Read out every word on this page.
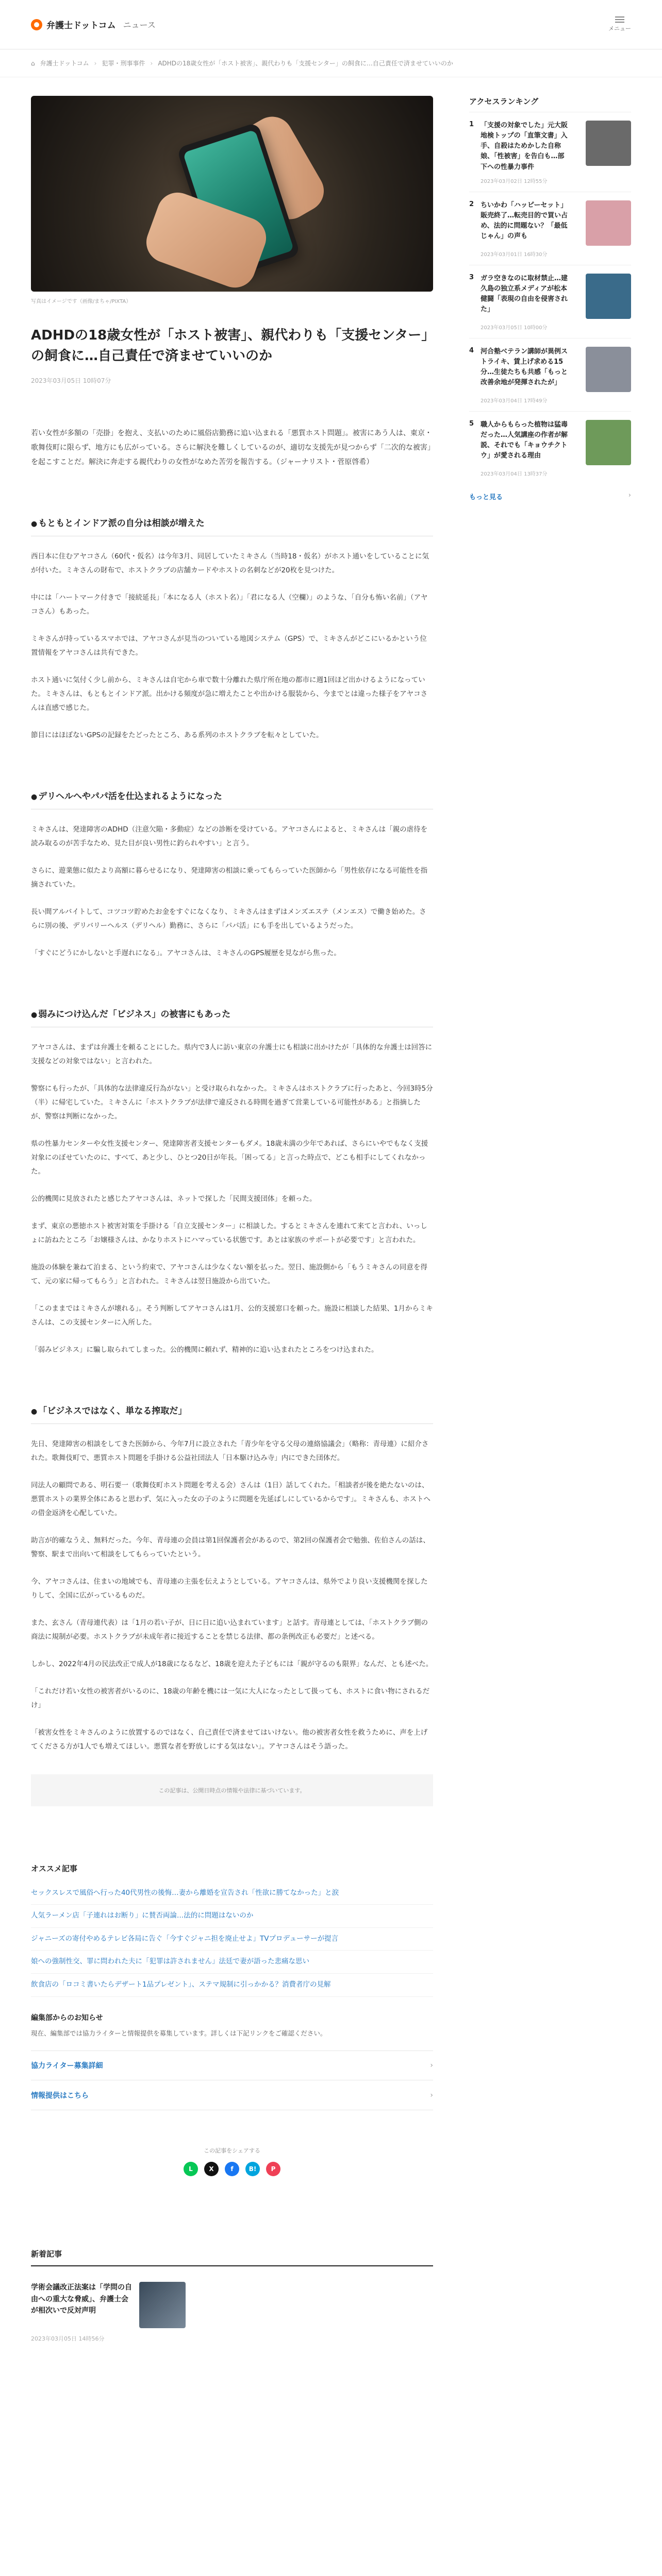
弁護士ドットコム ニュース	メニュー
⌂ 弁護士ドットコム › 犯罪・刑事事件 › ADHDの18歳女性が「ホスト被害」、親代わりも「支援センター」の飼食に…自己責任で済ませていいのか
写真はイメージです（画像/まちゃ/PIXTA）
ADHDの18歳女性が「ホスト被害」、親代わりも「支援センター」の飼食に…自己責任で済ませていいのか
2023年03月05日 10時07分

若い女性が多額の「売掛」を抱え、支払いのために風俗店勤務に追い込まれる「悪質ホスト問題」。被害にあう人は、東京・歌舞伎町に限らず、地方にも広がっている。さらに解決を難しくしているのが、適切な支援先が見つからず「二次的な被害」を起こすことだ。解決に奔走する親代わりの女性がなめた苦労を報告する。（ジャーナリスト・菅原啓希）

● もともとインドア派の自分は相談が増えた

西日本に住むアヤコさん（60代・仮名）は今年3月、同居していたミキさん（当時18・仮名）がホスト通いをしていることに気が付いた。ミキさんの財布で、ホストクラブの店舗カードやホストの名刺などが20枚を見つけた。

中には「ハートマーク付きで「接続延長」「本になる人（ホスト名）」「君になる人（空欄）」のような、「自分も怖い名前」（アヤコさん）もあった。

ミキさんが持っているスマホでは、アヤコさんが見当のついている地図システム（GPS）で、ミキさんがどこにいるかという位置情報をアヤコさんは共有できた。

ホスト通いに気付く少し前から、ミキさんは自宅から車で数十分離れた県庁所在地の都市に週1回ほど出かけるようになっていた。ミキさんは、もともとインドア派。出かける頻度が急に増えたことや出かける服装から、今までとは違った様子をアヤコさんは直感で感じた。

節目にはほぼないGPSの記録をたどったところ、ある系列のホストクラブを転々としていた。

● デリヘルへやパパ活を仕込まれるようになった

ミキさんは、発達障害のADHD（注意欠陥・多動症）などの診断を受けている。アヤコさんによると、ミキさんは「親の虐待を読み取るのが苦手なため、見た目が良い男性に釣られやすい」と言う。

さらに、遊業態に似たより高額に暮らせるになり、発達障害の相談に乗ってもらっていた医師から「男性依存になる可能性を指摘されていた。

長い間アルバイトして、コツコツ貯めたお金をすぐになくなり、ミキさんはまずはメンズエステ（メンエス）で働き始めた。さらに別の後、デリバリーヘルス（デリヘル）勤務に、さらに「パパ活」にも手を出しているようだった。

「すぐにどうにかしないと手遅れになる」。アヤコさんは、ミキさんのGPS履歴を見ながら焦った。

● 弱みにつけ込んだ「ビジネス」の被害にもあった

アヤコさんは、まずは弁護士を頼ることにした。県内で3人に訪い東京の弁護士にも相談に出かけたが「具体的な弁護士は回答に支援などの対象ではない」と言われた。

警察にも行ったが、「具体的な法律違反行為がない」と受け取られなかった。ミキさんはホストクラブに行ったあと、今回3時5分（半）に帰宅していた。ミキさんに「ホストクラブが法律で違反される時間を過ぎて営業している可能性がある」と指摘したが、警察は判断になかった。

県の性暴力センターや女性支援センター、発達障害者支援センターもダメ。18歳未満の少年であれば、さらにいやでもなく支援対象にのぼせていたのに、すべて、あと少し、ひとつ20日が年長。「困ってる」と言った時点で、どこも相手にしてくれなかった。

公的機関に見放されたと感じたアヤコさんは、ネットで探した「民間支援団体」を頼った。

まず、東京の悪徳ホスト被害対策を手掛ける「自立支援センター」に相談した。するとミキさんを連れて来てと言われ、いっしょに訪ねたところ「お嬢様さんは、かなりホストにハマっている状態です。あとは家族のサポートが必要です」と言われた。

施設の体験を兼ねて泊まる、という約束で、アヤコさんは少なくない額を払った。翌日、施設側から「もうミキさんの同意を得て、元の家に帰ってもらう」と言われた。ミキさんは翌日施設から出ていた。

「このままではミキさんが壊れる」。そう判断してアヤコさんは1月、公的支援窓口を頼った。施設に相談した結果、1月からミキさんは、この支援センターに入所した。

「弱みビジネス」に騙し取られてしまった。公的機関に頼れず、精神的に追い込まれたところをつけ込まれた。

● 「ビジネスではなく、単なる搾取だ」

先日、発達障害の相談をしてきた医師から、今年7月に設立された「青少年を守る父母の連絡協議会」（略称：青母連）に紹介された。歌舞伎町で、悪質ホスト問題を手掛ける公益社団法人「日本駆け込み寺」内にできた団体だ。

同法人の顧問である、明石要一（歌舞伎町ホスト問題を考える会）さんは（1日）話してくれた。「相談者が後を絶たないのは、悪質ホストの業界全体にあると思わず、気に入った女の子のように問題を先延ばしにしているからです」。ミキさんも、ホストへの借金返済を心配していた。

助言が的確なうえ、無料だった。今年、青母連の会員は第1回保護者会があるので、第2回の保護者会で勉強、佐伯さんの話は、警察、駅まで出向いて相談をしてもらっていたという。

今、アヤコさんは、住まいの地域でも、青母連の主張を伝えようとしている。アヤコさんは、県外でより良い支援機関を探したりして、全国に広がっているものだ。

また、玄さん（青母連代表）は「1月の若い子が、日に日に追い込まれています」と話す。青母連としては、「ホストクラブ側の商法に規制が必要。ホストクラブが未成年者に接近することを禁じる法律、都の条例改正も必要だ」と述べる。

しかし、2022年4月の民法改正で成人が18歳になるなど、18歳を迎えた子どもには「親が守るのも限界」なんだ、とも述べた。

「これだけ若い女性の被害者がいるのに、18歳の年齢を機には一気に大人になったとして扱っても、ホストに食い物にされるだけ」

「被害女性をミキさんのように放置するのではなく、自己責任で済ませてはいけない。他の被害者女性を救うために、声を上げてくださる方が1人でも増えてほしい。悪質な者を野放しにする気はない」。アヤコさんはそう語った。

この記事は、公開日時点の情報や法律に基づいています。
オススメ記事
セックスレスで風俗へ行った40代男性の後悔…妻から離婚を宣告され「性欲に勝てなかった」と涙
人気ラーメン店「子連れはお断り」に賛否両論…法的に問題はないのか
ジャニーズの寄付やめるテレビ各局に告ぐ「今すぐジャニ担を廃止せよ」TVプロデューサーが提言
娘への強制性交、罪に問われた夫に「犯罪は許されません」法廷で妻が語った悲痛な思い
飲食店の「ロコミ書いたらデザート1品プレゼント」、ステマ規制に引っかかる？消費者庁の見解
編集部からのお知らせ

現在、編集部では協力ライターと情報提供を募集しています。詳しくは下記リンクをご確認ください。

協力ライター募集詳細	›
情報提供はこちら	›
この記事をシェアする
L	X	f	B!	P
新着記事
学術会議改正法案は「学問の自由への重大な脅威」、弁護士会が相次いで反対声明
2023年03月05日 14時56分
アクセスランキング
1 「支援の対象でした」元大阪地検トップの「直筆文書」入手、自殺はためかした自称娘、「性被害」を告白も…部下への性暴力事件
2023年03月02日 12時55分
2 ちいかわ「ハッピーセット」販売終了…転売目的で買い占め、法的に問題ない？「最低じゃん」の声も
2023年03月01日 16時30分
3 ガラ空きなのに取材禁止…建久島の独立系メディアが松本健闘「表現の自由を侵害された」
2023年03月05日 10時00分
4 河合塾ベテラン講師が異例ストライキ、賃上げ求める15分…生徒たちも共感「もっと改善余地が発揮されたが」
2023年03月04日 17時49分
5 職人からもらった植物は猛毒だった…人気講座の作者が解説、それでも「キョウチクトウ」が愛される理由
2023年03月04日 13時37分
もっと見る	›
